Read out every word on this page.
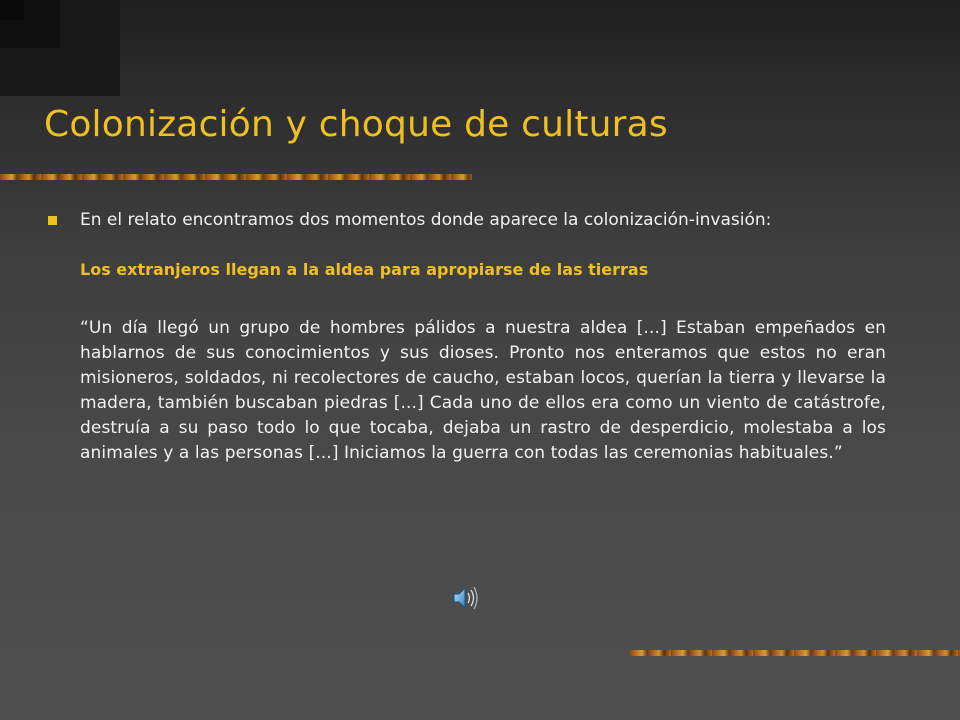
Colonización y choque de culturas
En el relato encontramos dos momentos donde aparece la colonización-invasión:
Los extranjeros llegan a la aldea para apropiarse de las tierras
“Un día llegó un grupo de hombres pálidos a nuestra aldea [...] Estaban empeñados en hablarnos de sus conocimientos y sus dioses. Pronto nos enteramos que estos no eran misioneros, soldados, ni recolectores de caucho, estaban locos, querían la tierra y llevarse la madera, también buscaban piedras [...] Cada uno de ellos era como un viento de catástrofe, destruía a su paso todo lo que tocaba, dejaba un rastro de desperdicio, molestaba a los animales y a las personas [...] Iniciamos la guerra con todas las ceremonias habituales.”
